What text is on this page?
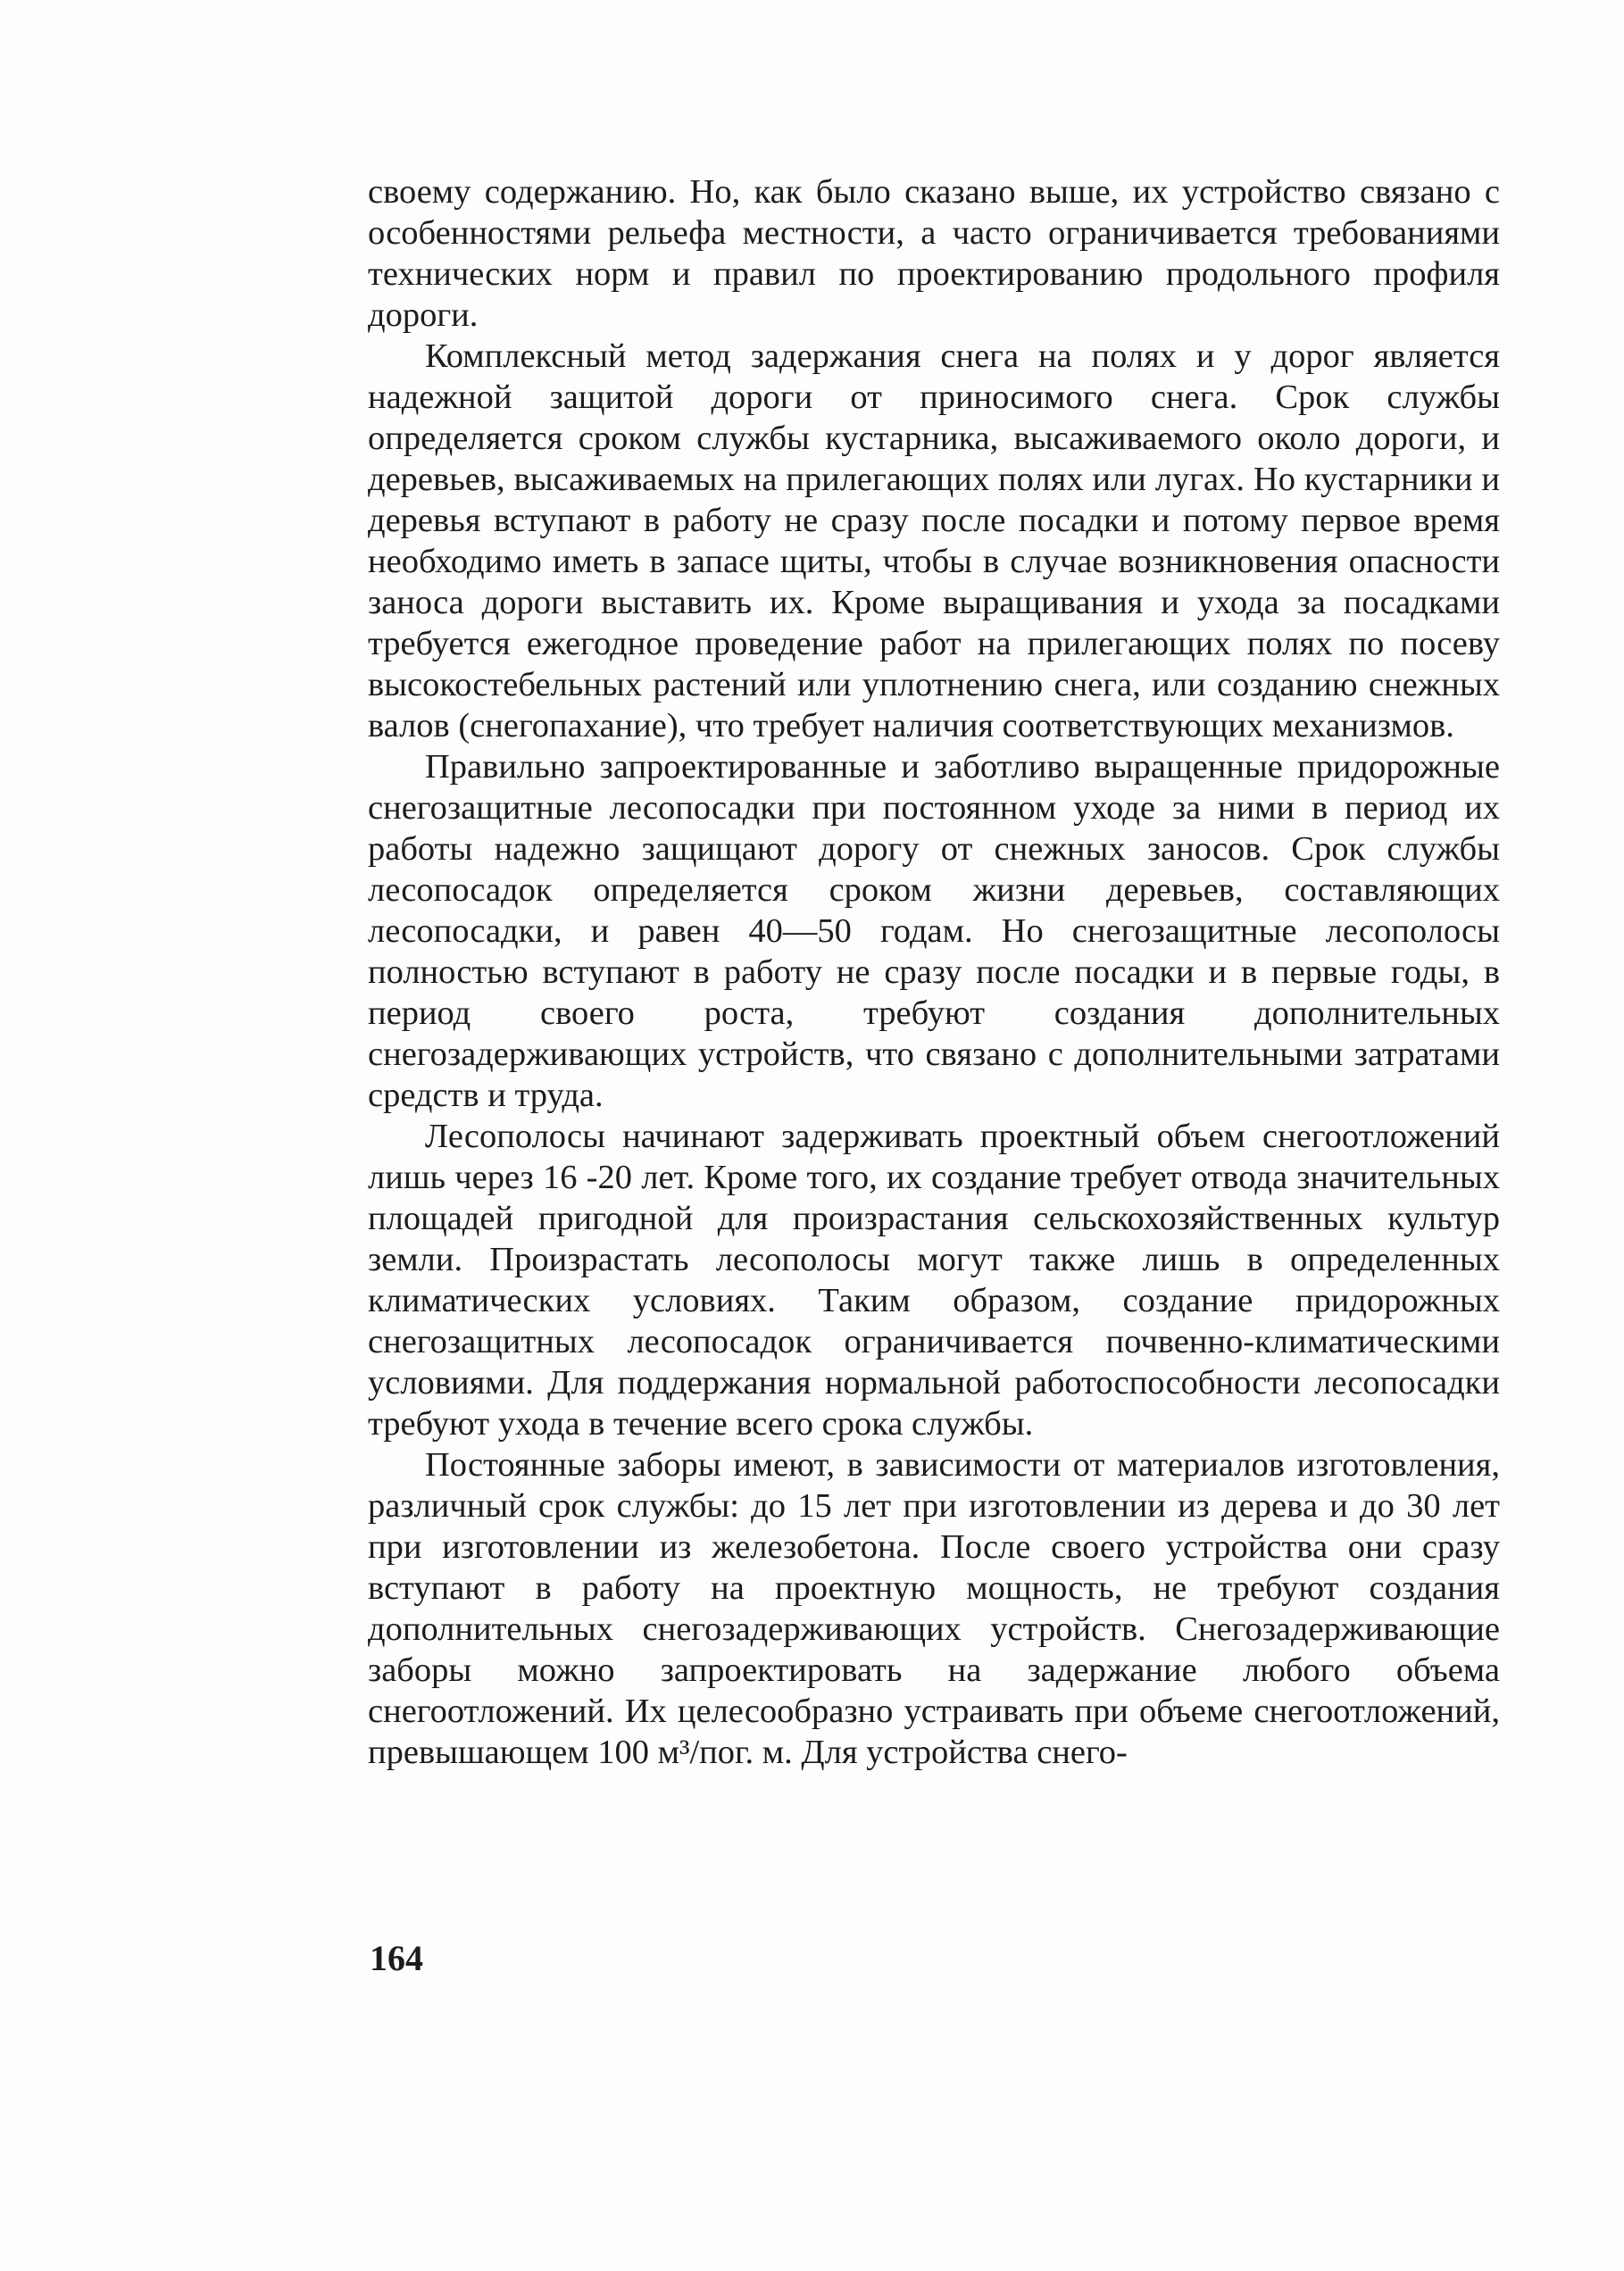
своему содержанию. Но, как было сказано выше, их устройство связано с особенностями рельефа местности, а часто ограничивается требованиями технических норм и правил по проектированию продольного профиля дороги.

Комплексный метод задержания снега на полях и у дорог является надежной защитой дороги от приносимого снега. Срок службы определяется сроком службы кустарника, высаживаемого около дороги, и деревьев, высаживаемых на прилегающих полях или лугах. Но кустарники и деревья вступают в работу не сразу после посадки и потому первое время необходимо иметь в запасе щиты, чтобы в случае возникновения опасности заноса дороги выставить их. Кроме выращивания и ухода за посадками требуется ежегодное проведение работ на прилегающих полях по посеву высокостебельных растений или уплотнению снега, или созданию снежных валов (снегопахание), что требует наличия соответствующих механизмов.

Правильно запроектированные и заботливо выращенные придорожные снегозащитные лесопосадки при постоянном уходе за ними в период их работы надежно защищают дорогу от снежных заносов. Срок службы лесопосадок определяется сроком жизни деревьев, составляющих лесопосадки, и равен 40—50 годам. Но снегозащитные лесополосы полностью вступают в работу не сразу после посадки и в первые годы, в период своего роста, требуют создания дополнительных снегозадерживающих устройств, что связано с дополнительными затратами средств и труда.

Лесополосы начинают задерживать проектный объем снегоотложений лишь через 16 -20 лет. Кроме того, их создание требует отвода значительных площадей пригодной для произрастания сельскохозяйственных культур земли. Произрастать лесополосы могут также лишь в определенных климатических условиях. Таким образом, создание придорожных снегозащитных лесопосадок ограничивается почвенно-климатическими условиями. Для поддержания нормальной работоспособности лесопосадки требуют ухода в течение всего срока службы.

Постоянные заборы имеют, в зависимости от материалов изготовления, различный срок службы: до 15 лет при изготовлении из дерева и до 30 лет при изготовлении из железобетона. После своего устройства они сразу вступают в работу на проектную мощность, не требуют создания дополнительных снегозадерживающих устройств. Снегозадерживающие заборы можно запроектировать на задержание любого объема снегоотложений. Их целесообразно устраивать при объеме снегоотложений, превышающем 100 м³/пог. м. Для устройства снего-

164
